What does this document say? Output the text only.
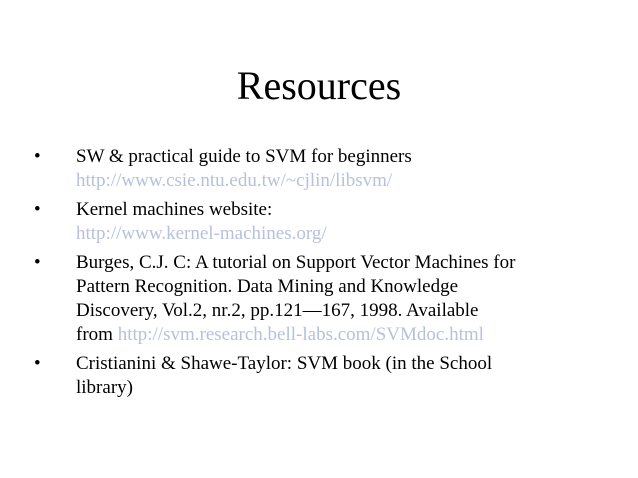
Resources
•	SW & practical guide to SVM for beginners
http://www.csie.ntu.edu.tw/~cjlin/libsvm/
•	Kernel machines website:
http://www.kernel-machines.org/
•	Burges, C.J. C: A tutorial on Support Vector Machines for
Pattern Recognition. Data Mining and Knowledge
Discovery, Vol.2, nr.2, pp.121—167, 1998. Available
from http://svm.research.bell-labs.com/SVMdoc.html
•	Cristianini & Shawe-Taylor: SVM book (in the School
library)
